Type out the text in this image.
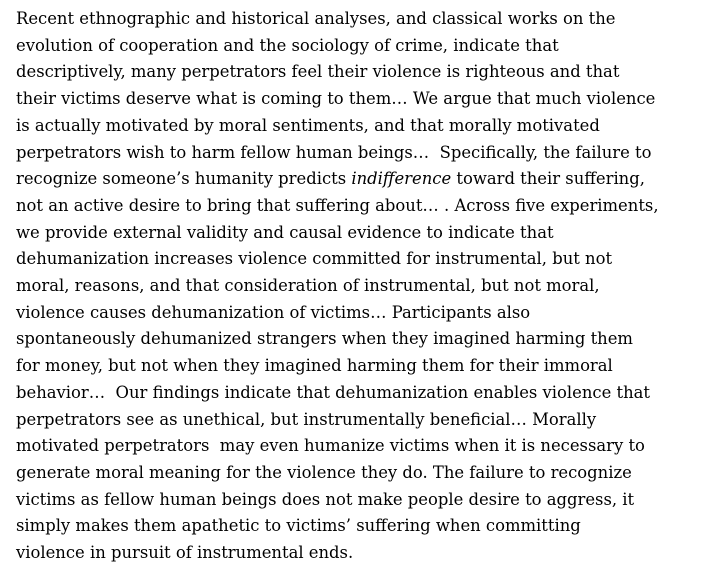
Recent ethnographic and historical analyses, and classical works on the
evolution of cooperation and the sociology of crime, indicate that
descriptively, many perpetrators feel their violence is righteous and that
their victims deserve what is coming to them… We argue that much violence
is actually motivated by moral sentiments, and that morally motivated
perpetrators wish to harm fellow human beings…  Specifically, the failure to
recognize someone’s humanity predicts indifference toward their suffering,
not an active desire to bring that suffering about… . Across five experiments,
we provide external validity and causal evidence to indicate that
dehumanization increases violence committed for instrumental, but not
moral, reasons, and that consideration of instrumental, but not moral,
violence causes dehumanization of victims… Participants also
spontaneously dehumanized strangers when they imagined harming them
for money, but not when they imagined harming them for their immoral
behavior…  Our findings indicate that dehumanization enables violence that
perpetrators see as unethical, but instrumentally beneficial… Morally
motivated perpetrators  may even humanize victims when it is necessary to
generate moral meaning for the violence they do. The failure to recognize
victims as fellow human beings does not make people desire to aggress, it
simply makes them apathetic to victims’ suffering when committing
violence in pursuit of instrumental ends.
